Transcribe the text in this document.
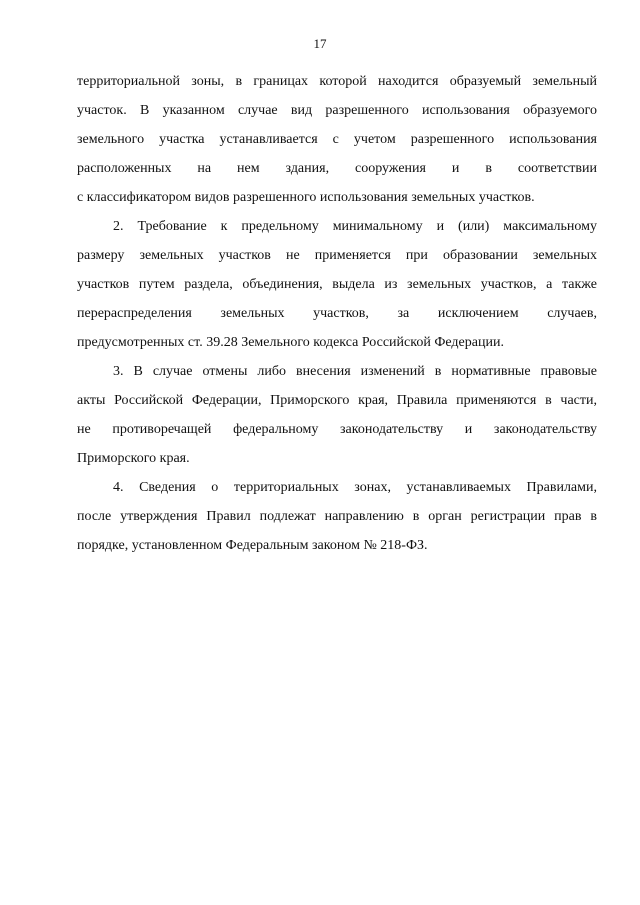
17
территориальной зоны, в границах которой находится образуемый земельный
участок. В указанном случае вид разрешенного использования образуемого
земельного участка устанавливается с учетом разрешенного использования
расположенных на нем здания, сооружения и в соответствии
с классификатором видов разрешенного использования земельных участков.
2. Требование к предельному минимальному и (или) максимальному
размеру земельных участков не применяется при образовании земельных
участков путем раздела, объединения, выдела из земельных участков, а также
перераспределения земельных участков, за исключением случаев,
предусмотренных ст. 39.28 Земельного кодекса Российской Федерации.
3. В случае отмены либо внесения изменений в нормативные правовые
акты Российской Федерации, Приморского края, Правила применяются в части,
не противоречащей федеральному законодательству и законодательству
Приморского края.
4. Сведения о территориальных зонах, устанавливаемых Правилами,
после утверждения Правил подлежат направлению в орган регистрации прав в
порядке, установленном Федеральным законом № 218-ФЗ.
